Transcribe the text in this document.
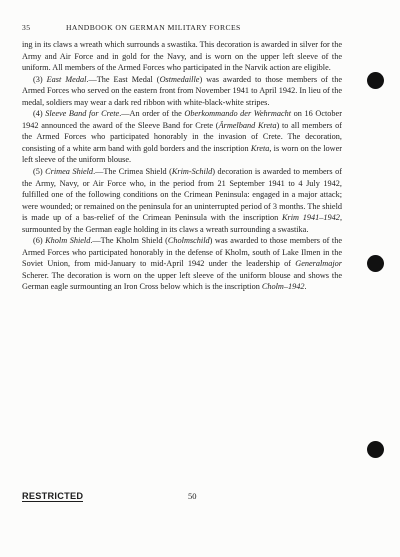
35	HANDBOOK ON GERMAN MILITARY FORCES

ing in its claws a wreath which surrounds a swastika. This decoration is awarded in silver for the Army and Air Force and in gold for the Navy, and is worn on the upper left sleeve of the uniform. All members of the Armed Forces who participated in the Narvik action are eligible.

(3) East Medal.—The East Medal (Ostmedaille) was awarded to those members of the Armed Forces who served on the eastern front from November 1941 to April 1942. In lieu of the medal, soldiers may wear a dark red ribbon with white-black-white stripes.

(4) Sleeve Band for Crete.—An order of the Oberkommando der Wehrmacht on 16 October 1942 announced the award of the Sleeve Band for Crete (Ärmelband Kreta) to all members of the Armed Forces who participated honorably in the invasion of Crete. The decoration, consisting of a white arm band with gold borders and the inscription Kreta, is worn on the lower left sleeve of the uniform blouse.

(5) Crimea Shield.—The Crimea Shield (Krim-Schild) decoration is awarded to members of the Army, Navy, or Air Force who, in the period from 21 September 1941 to 4 July 1942, fulfilled one of the following conditions on the Crimean Peninsula: engaged in a major attack; were wounded; or remained on the peninsula for an uninterrupted period of 3 months. The shield is made up of a bas-relief of the Crimean Peninsula with the inscription Krim 1941–1942, surmounted by the German eagle holding in its claws a wreath surrounding a swastika.

(6) Kholm Shield.—The Kholm Shield (Cholmschild) was awarded to those members of the Armed Forces who participated honorably in the defense of Kholm, south of Lake Ilmen in the Soviet Union, from mid-January to mid-April 1942 under the leadership of Generalmajor Scherer. The decoration is worn on the upper left sleeve of the uniform blouse and shows the German eagle surmounting an Iron Cross below which is the inscription Cholm–1942.

RESTRICTED	50
